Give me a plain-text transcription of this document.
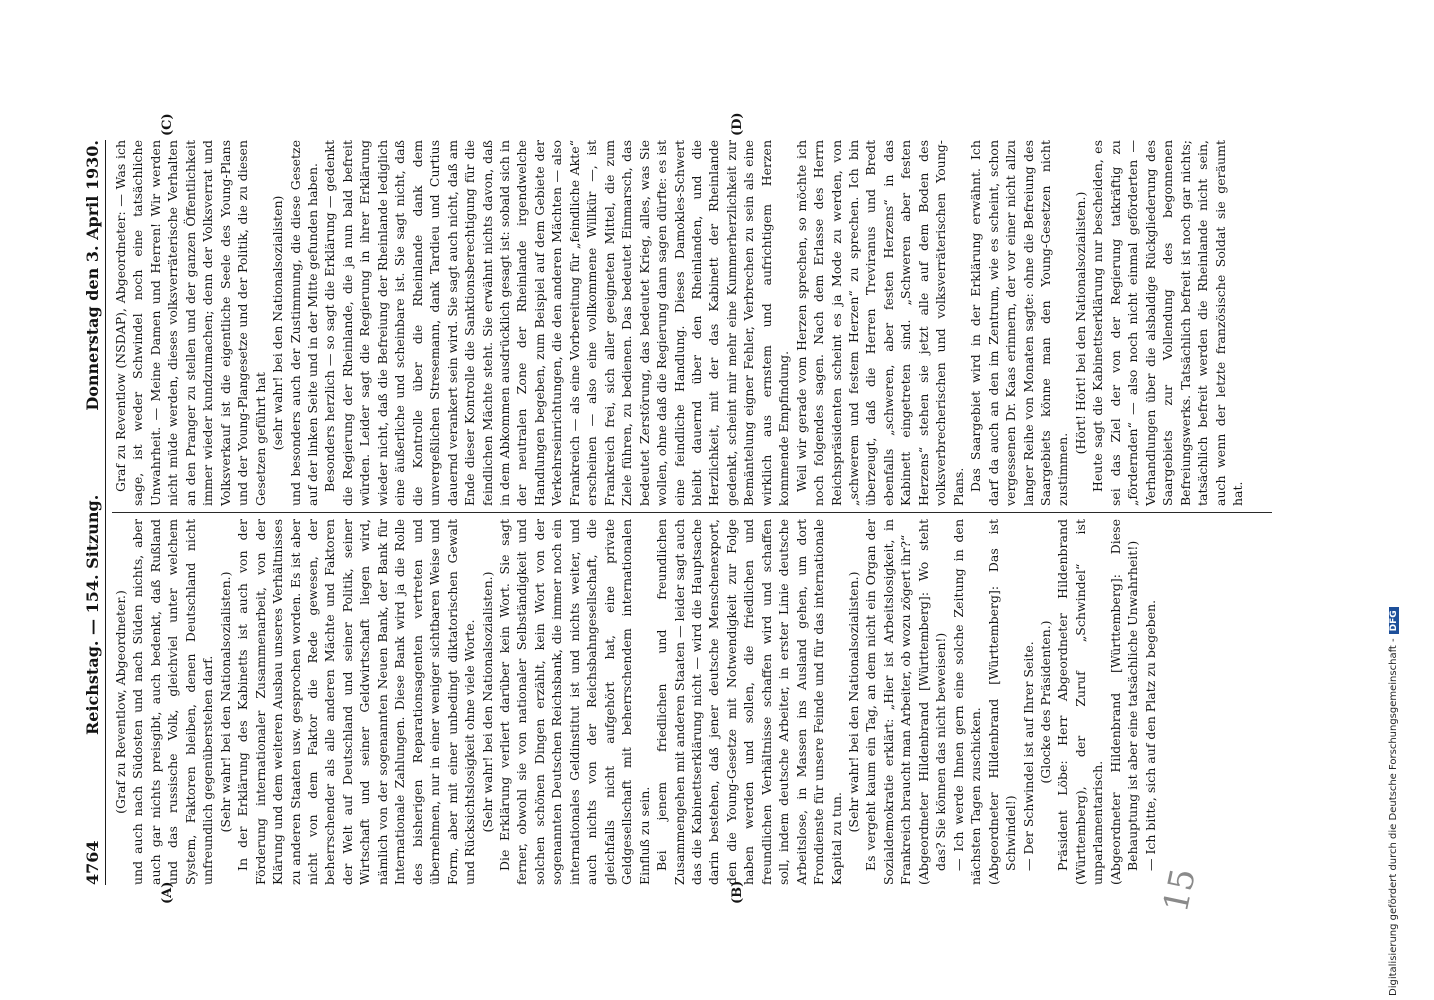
4764
Reichstag. — 154. Sitzung.
Donnerstag den 3. April 1930.
(A)	(B)
(C)	(D)
15

(Graf zu Reventlow, Abgeordneter.) und auch nach Südosten und nach Süden nichts, aber auch gar nichts preisgibt, auch bedenkt, daß Rußland und das russische Volk, gleichviel unter welchem System, Faktoren bleiben, denen Deutschland nicht unfreundlich gegenüberstehen darf. (Sehr wahr! bei den Nationalsozialisten.) In der Erklärung des Kabinetts ist auch von der Förderung internationaler Zusammenarbeit, von der Klärung und dem weiteren Ausbau unseres Verhältnisses zu anderen Staaten usw. gesprochen worden. Es ist aber nicht von dem Faktor die Rede gewesen, der beherrschender als alle anderen Mächte und Faktoren der Welt auf Deutschland und seiner Politik, seiner Wirtschaft und seiner Geldwirtschaft liegen wird, nämlich von der sogenannten Neuen Bank, der Bank für Internationale Zahlungen. Diese Bank wird ja die Rolle des bisherigen Reparationsagenten vertreten und übernehmen, nur in einer weniger sichtbaren Weise und Form, aber mit einer unbedingt diktatorischen Gewalt und Rücksichtslosigkeit ohne viele Worte. (Sehr wahr! bei den Nationalsozialisten.) Die Erklärung verliert darüber kein Wort. Sie sagt ferner, obwohl sie von nationaler Selbständigkeit und solchen schönen Dingen erzählt, kein Wort von der sogenannten Deutschen Reichsbank, die immer noch ein internationales Geldinstitut ist und nichts weiter, und auch nichts von der Reichsbahngesellschaft, die gleichfalls nicht aufgehört hat, eine private Geldgesellschaft mit beherrschendem internationalen Einfluß zu sein. Bei jenem friedlichen und freundlichen Zusammengehen mit anderen Staaten — leider sagt auch das die Kabinettserklärung nicht — wird die Hauptsache darin bestehen, daß jener deutsche Menschenexport, den die Young-Gesetze mit Notwendigkeit zur Folge haben werden und sollen, die friedlichen und freundlichen Verhältnisse schaffen wird und schaffen soll, indem deutsche Arbeiter, in erster Linie deutsche Arbeitslose, in Massen ins Ausland gehen, um dort Frondienste für unsere Feinde und für das internationale Kapital zu tun.

(Sehr wahr! bei den Nationalsozialisten.) Es vergeht kaum ein Tag, an dem nicht ein Organ der Sozialdemokratie erklärt: „Hier ist Arbeitslosigkeit, in Frankreich braucht man Arbeiter, ob wozu zögert ihr?“ (Abgeordneter Hildenbrand [Württemberg]: Wo steht das? Sie können das nicht beweisen!) — Ich werde Ihnen gern eine solche Zeitung in den nächsten Tagen zuschicken. (Abgeordneter Hildenbrand [Württemberg]: Das ist Schwindel!) — Der Schwindel ist auf Ihrer Seite. (Glocke des Präsidenten.) Präsident Löbe: Herr Abgeordneter Hildenbrand (Württemberg), der Zuruf „Schwindel“ ist unparlamentarisch. (Abgeordneter Hildenbrand [Württemberg]: Diese Behauptung ist aber eine tatsächliche Unwahrheit!) — Ich bitte, sich auf den Platz zu begeben.

Graf zu Reventlow (NSDAP), Abgeordneter: — Was ich sage, ist weder Schwindel noch eine tatsächliche Unwahrheit. — Meine Damen und Herren! Wir werden nicht müde werden, dieses volksverräterische Verhalten an den Pranger zu stellen und der ganzen Öffentlichkeit immer wieder kundzumachen; denn der Volksverrat und Volksverkauf ist die eigentliche Seele des Young-Plans und der Young-Plangesetze und der Politik, die zu diesen Gesetzen geführt hat (sehr wahr! bei den Nationalsozialisten) und besonders auch der Zustimmung, die diese Gesetze auf der linken Seite und in der Mitte gefunden haben. Besonders herzlich — so sagt die Erklärung — gedenkt die Regierung der Rheinlande, die ja nun bald befreit würden. Leider sagt die Regierung in ihrer Erklärung wieder nicht, daß die Befreiung der Rheinlande lediglich eine äußerliche und scheinbare ist. Sie sagt nicht, daß die Kontrolle über die Rheinlande dank dem unvergeßlichen Stresemann, dank Tardieu und Curtius dauernd verankert sein wird. Sie sagt auch nicht, daß am Ende dieser Kontrolle die Sanktionsberechtigung für die feindlichen Mächte steht. Sie erwähnt nichts davon, daß in dem Abkommen ausdrücklich gesagt ist: sobald sich in der neutralen Zone der Rheinlande irgendwelche Handlungen begeben, zum Beispiel auf dem Gebiete der Verkehrseinrichtungen, die den anderen Mächten — also Frankreich — als eine Vorbereitung für „feindliche Akte“ erscheinen — also eine vollkommene Willkür —, ist Frankreich frei, sich aller geeigneten Mittel, die zum Ziele führen, zu bedienen. Das bedeutet Einmarsch, das bedeutet Zerstörung, das bedeutet Krieg, alles, was Sie wollen, ohne daß die Regierung dann sagen dürfte: es ist eine feindliche Handlung. Dieses Damokles-Schwert bleibt dauernd über den Rheinlanden, und die Herzlichkeit, mit der das Kabinett der Rheinlande gedenkt, scheint mir mehr eine Kummerherzlichkeit zur Bemäntelung eigner Fehler, Verbrechen zu sein als eine wirklich aus ernstem und aufrichtigem Herzen kommende Empfindung. Weil wir gerade vom Herzen sprechen, so möchte ich noch folgendes sagen. Nach dem Erlasse des Herrn Reichspräsidenten scheint es ja Mode zu werden, von „schwerem und festem Herzen“ zu sprechen. Ich bin überzeugt, daß die Herren Treviranus und Bredt ebenfalls „schweren, aber festen Herzens“ in das Kabinett eingetreten sind. „Schweren aber festen Herzens“ stehen sie jetzt alle auf dem Boden des volksverbrecherischen und volksverräterischen Young-Plans. Das Saargebiet wird in der Erklärung erwähnt. Ich darf da auch an den im Zentrum, wie es scheint, schon vergessenen Dr. Kaas erinnern, der vor einer nicht allzu langer Reihe von Monaten sagte: ohne die Befreiung des Saargebiets könne man den Young-Gesetzen nicht zustimmen.

(Hört! Hört! bei den Nationalsozialisten.) Heute sagt die Kabinettserklärung nur bescheiden, es sei das Ziel der von der Regierung tatkräftig zu „fördernden“ — also noch nicht einmal geförderten — Verhandlungen über die alsbaldige Rückgliederung des Saargebiets zur Vollendung des begonnenen Befreiungswerks. Tatsächlich befreit ist noch gar nichts; tatsächlich befreit werden die Rheinlande nicht sein, auch wenn der letzte französische Soldat sie geräumt hat.

Digitalisierung gefördert durch die Deutsche Forschungsgemeinschaft -DFG
